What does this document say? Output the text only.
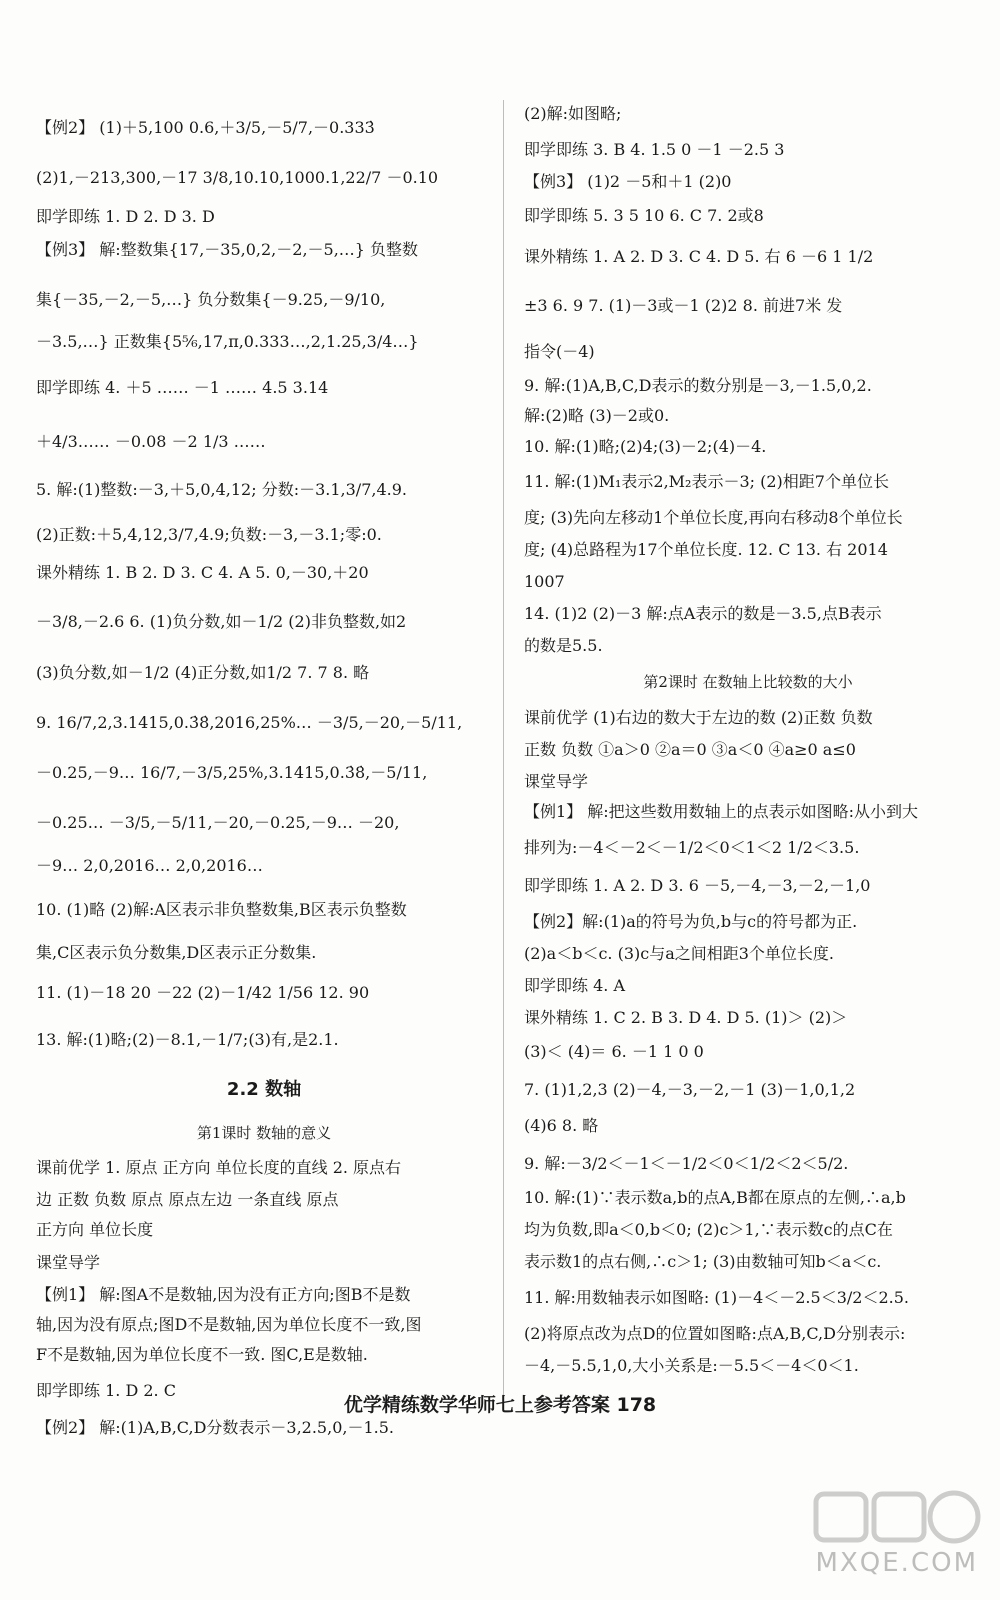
【例2】 (1)＋5,100 0.6,＋3/5,－5/7,－0.333̇
(2)1,－213,300,－17 3/8,10.10,1000.1,22/7 －0.10
即学即练 1. D 2. D 3. D
【例3】 解:整数集{17,－35,0,2,－2,－5,…} 负整数
集{－35,－2,－5,…} 负分数集{－9.25,－9/10,
－3.5,…} 正数集{5⅚,17,π,0.333…,2,1.25,3/4…}
即学即练 4. ＋5 …… －1 …… 4.5 3.14
＋4/3…… －0.08 －2 1/3 ……
5. 解:(1)整数:－3,＋5,0,4,12; 分数:－3.1,3/7,4.9.
(2)正数:＋5,4,12,3/7,4.9;负数:－3,－3.1;零:0.
课外精练 1. B 2. D 3. C 4. A 5. 0,－30,＋20
－3/8,－2.6 6. (1)负分数,如－1/2 (2)非负整数,如2
(3)负分数,如－1/2 (4)正分数,如1/2 7. 7 8. 略
9. 16/7,2,3.1415,0.3̇8̇,2016,25%… －3/5,－20,－5/11,
－0.25,－9… 16/7,－3/5,25%,3.1415,0.3̇8̇,－5/11,
－0.25… －3/5,－5/11,－20,－0.25,－9… －20,
－9… 2,0,2016… 2,0,2016…
10. (1)略 (2)解:A区表示非负整数集,B区表示负整数
集,C区表示负分数集,D区表示正分数集.
11. (1)－18 20 －22 (2)－1/42 1/56 12. 90
13. 解:(1)略;(2)－8.1,－1/7;(3)有,是2.1.
2.2 数轴
第1课时 数轴的意义
课前优学 1. 原点 正方向 单位长度的直线 2. 原点右
边 正数 负数 原点 原点左边 一条直线 原点
正方向 单位长度
课堂导学
【例1】 解:图A不是数轴,因为没有正方向;图B不是数
轴,因为没有原点;图D不是数轴,因为单位长度不一致,图
F不是数轴,因为单位长度不一致. 图C,E是数轴.
即学即练 1. D 2. C
【例2】 解:(1)A,B,C,D分数表示－3,2.5,0,－1.5.
(2)解:如图略;
即学即练 3. B 4. 1.5 0 －1 －2.5 3
【例3】 (1)2 －5和＋1 (2)0
即学即练 5. 3 5 10 6. C 7. 2或8
课外精练 1. A 2. D 3. C 4. D 5. 右 6 －6 1 1/2
±3 6. 9 7. (1)－3或－1 (2)2 8. 前进7米 发
指令(－4)
9. 解:(1)A,B,C,D表示的数分别是－3,－1.5,0,2.
解:(2)略 (3)－2或0.
10. 解:(1)略;(2)4;(3)－2;(4)－4.
11. 解:(1)M₁表示2,M₂表示－3; (2)相距7个单位长
度; (3)先向左移动1个单位长度,再向右移动8个单位长
度; (4)总路程为17个单位长度. 12. C 13. 右 2014
1007
14. (1)2 (2)－3 解:点A表示的数是－3.5,点B表示
的数是5.5.
第2课时 在数轴上比较数的大小
课前优学 (1)右边的数大于左边的数 (2)正数 负数
正数 负数 ①a＞0 ②a＝0 ③a＜0 ④a≥0 a≤0
课堂导学
【例1】 解:把这些数用数轴上的点表示如图略:从小到大
排列为:－4＜－2＜－1/2＜0＜1＜2 1/2＜3.5.
即学即练 1. A 2. D 3. 6 －5,－4,－3,－2,－1,0
【例2】解:(1)a的符号为负,b与c的符号都为正.
(2)a＜b＜c. (3)c与a之间相距3个单位长度.
即学即练 4. A
课外精练 1. C 2. B 3. D 4. D 5. (1)＞ (2)＞
(3)＜ (4)＝ 6. －1 1 0 0
7. (1)1,2,3 (2)－4,－3,－2,－1 (3)－1,0,1,2
(4)6 8. 略
9. 解:－3/2＜－1＜－1/2＜0＜1/2＜2＜5/2.
10. 解:(1)∵表示数a,b的点A,B都在原点的左侧,∴a,b
均为负数,即a＜0,b＜0; (2)c＞1,∵表示数c的点C在
表示数1的点右侧,∴c＞1; (3)由数轴可知b＜a＜c.
11. 解:用数轴表示如图略: (1)－4＜－2.5＜3/2＜2.5.
(2)将原点改为点D的位置如图略:点A,B,C,D分别表示:
－4,－5.5,1,0,大小关系是:－5.5＜－4＜0＜1.
优学精练数学华师七上参考答案 178
MXQE.COM
